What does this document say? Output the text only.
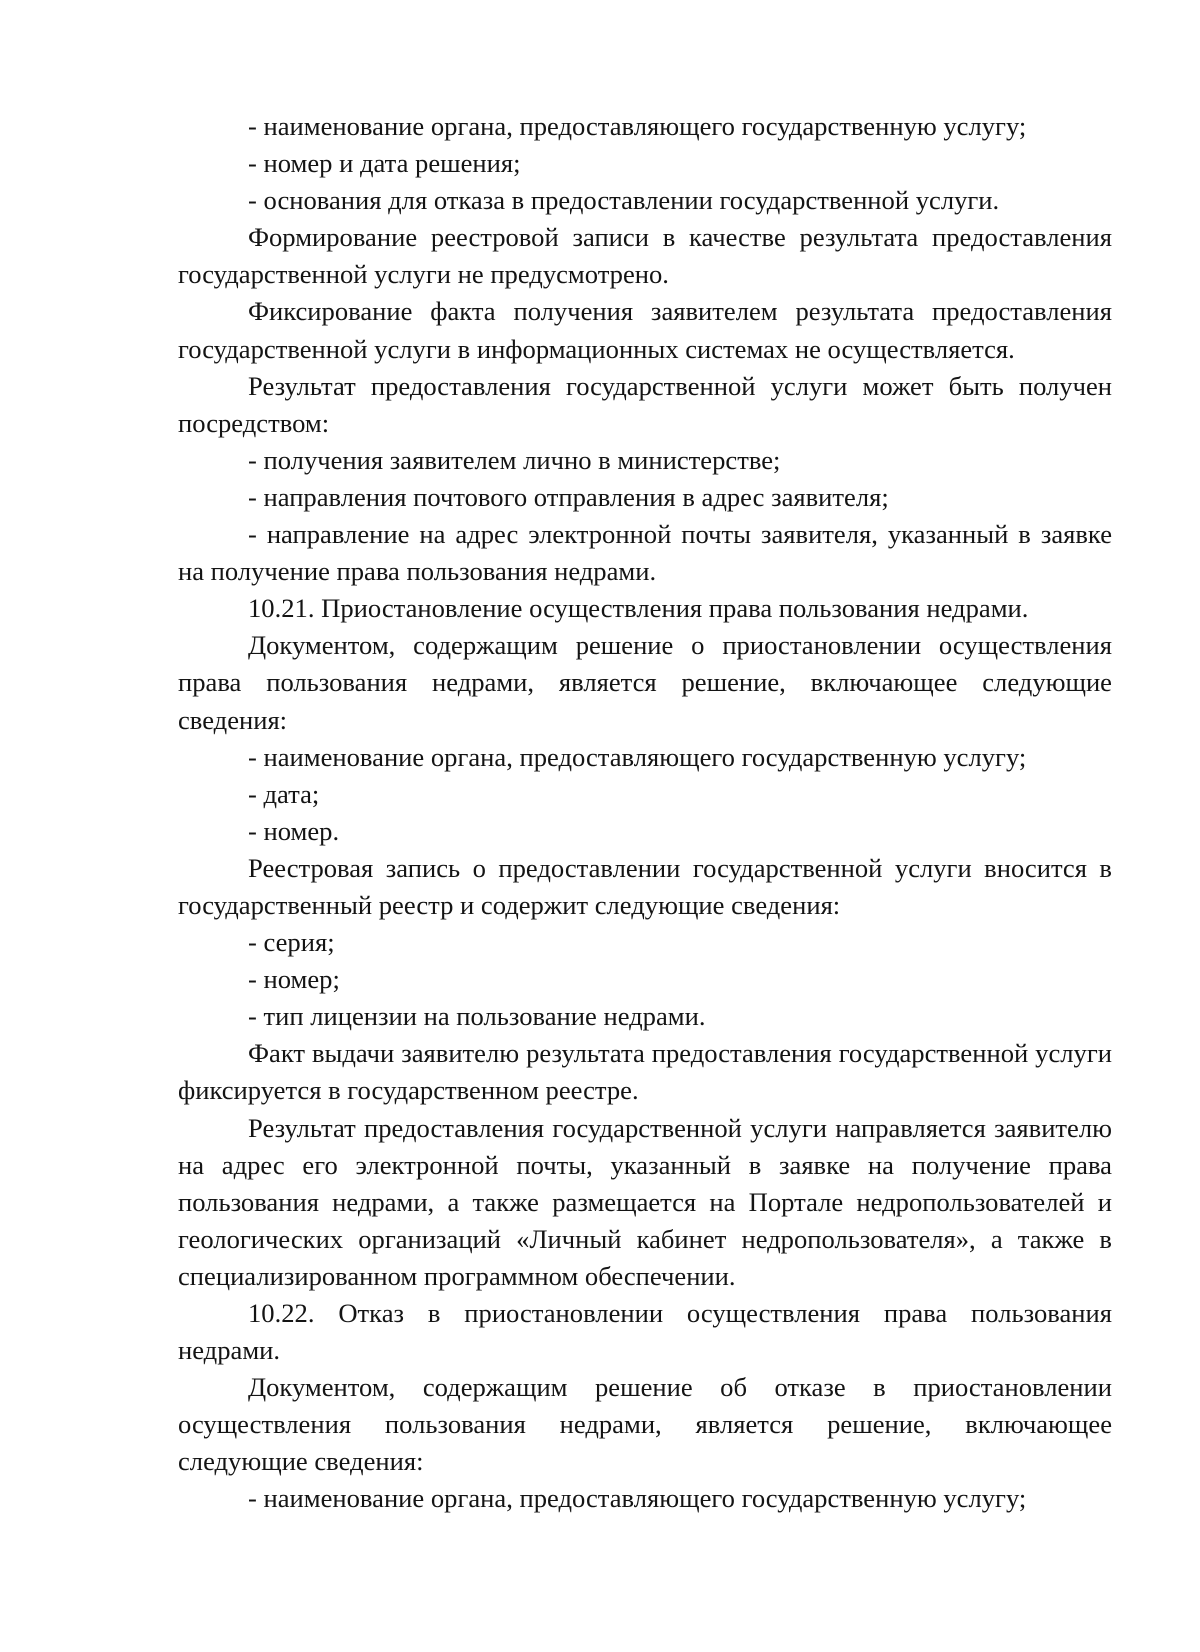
- наименование органа, предоставляющего государственную услугу;

- номер и дата решения;

- основания для отказа в предоставлении государственной услуги.

Формирование реестровой записи в качестве результата предоставления государственной услуги не предусмотрено.

Фиксирование факта получения заявителем результата предоставления государственной услуги в информационных системах не осуществляется.

Результат предоставления государственной услуги может быть получен посредством:

- получения заявителем лично в министерстве;

- направления почтового отправления в адрес заявителя;

- направление на адрес электронной почты заявителя, указанный в заявке на получение права пользования недрами.

10.21. Приостановление осуществления права пользования недрами.

Документом, содержащим решение о приостановлении осуществления права пользования недрами, является решение, включающее следующие сведения:

- наименование органа, предоставляющего государственную услугу;

- дата;

- номер.

Реестровая запись о предоставлении государственной услуги вносится в государственный реестр и содержит следующие сведения:

- серия;

- номер;

- тип лицензии на пользование недрами.

Факт выдачи заявителю результата предоставления государственной услуги фиксируется в государственном реестре.

Результат предоставления государственной услуги направляется заявителю на адрес его электронной почты, указанный в заявке на получение права пользования недрами, а также размещается на Портале недропользователей и геологических организаций «Личный кабинет недропользователя», а также в специализированном программном обеспечении.

10.22. Отказ в приостановлении осуществления права пользования недрами.

Документом, содержащим решение об отказе в приостановлении осуществления пользования недрами, является решение, включающее следующие сведения:

- наименование органа, предоставляющего государственную услугу;
